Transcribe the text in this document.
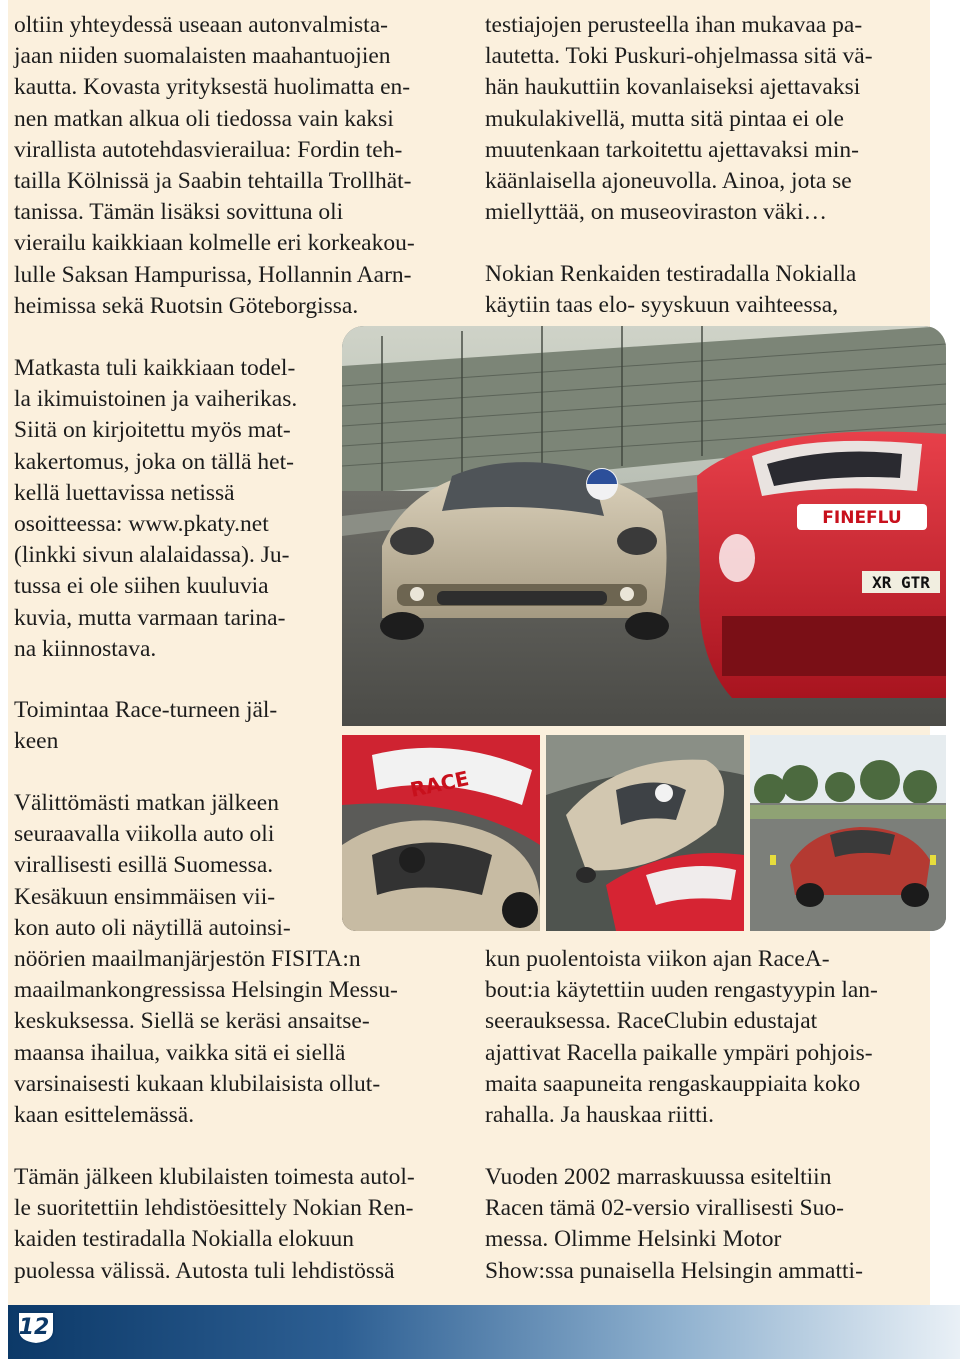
oltiin yhteydessä useaan autonvalmista-
jaan niiden suomalaisten maahantuojien
kautta. Kovasta yrityksestä huolimatta en-
nen matkan alkua oli tiedossa vain kaksi
virallista autotehdasvierailua: Fordin teh-
tailla Kölnissä ja Saabin tehtailla Trollhät-
tanissa. Tämän lisäksi sovittuna oli
vierailu kaikkiaan kolmelle eri korkeakou-
lulle Saksan Hampurissa, Hollannin Aarn-
heimissa sekä Ruotsin Göteborgissa.
Matkasta tuli kaikkiaan todel-
la ikimuistoinen ja vaiherikas.
Siitä on kirjoitettu myös mat-
kakertomus, joka on tällä het-
kellä luettavissa netissä
osoitteessa: www.pkaty.net
(linkki sivun alalaidassa). Ju-
tussa ei ole siihen kuuluvia
kuvia, mutta varmaan tarina-
na kiinnostava.
Toimintaa Race-turneen jäl-
keen
Välittömästi matkan jälkeen
seuraavalla viikolla auto oli
virallisesti esillä Suomessa.
Kesäkuun ensimmäisen vii-
kon auto oli näytillä autoinsi-
nöörien maailmanjärjestön FISITA:n
maailmankongressissa Helsingin Messu-
keskuksessa. Siellä se keräsi ansaitse-
maansa ihailua, vaikka sitä ei siellä
varsinaisesti kukaan klubilaisista ollut-
kaan esittelemässä.
Tämän jälkeen klubilaisten toimesta autol-
le suoritettiin lehdistöesittely Nokian Ren-
kaiden testiradalla Nokialla elokuun
puolessa välissä. Autosta tuli lehdistössä
testiajojen perusteella ihan mukavaa pa-
lautetta. Toki Puskuri-ohjelmassa sitä vä-
hän haukuttiin kovanlaiseksi ajettavaksi
mukulakivellä, mutta sitä pintaa ei ole
muutenkaan tarkoitettu ajettavaksi min-
käänlaisella ajoneuvolla. Ainoa, jota se
miellyttää, on museoviraston väki…
Nokian Renkaiden testiradalla Nokialla
käytiin taas elo- syyskuun vaihteessa,
kun puolentoista viikon ajan RaceA-
bout:ia käytettiin uuden rengastyypin lan-
seerauksessa. RaceClubin edustajat
ajattivat Racella paikalle ympäri pohjois-
maita saapuneita rengaskauppiaita koko
rahalla. Ja hauskaa riitti.
Vuoden 2002 marraskuussa esiteltiin
Racen tämä 02-versio virallisesti Suo-
messa. Olimme Helsinki Motor
Show:ssa punaisella Helsingin ammatti-
FINEFLU
XR GTR
RACE
12
